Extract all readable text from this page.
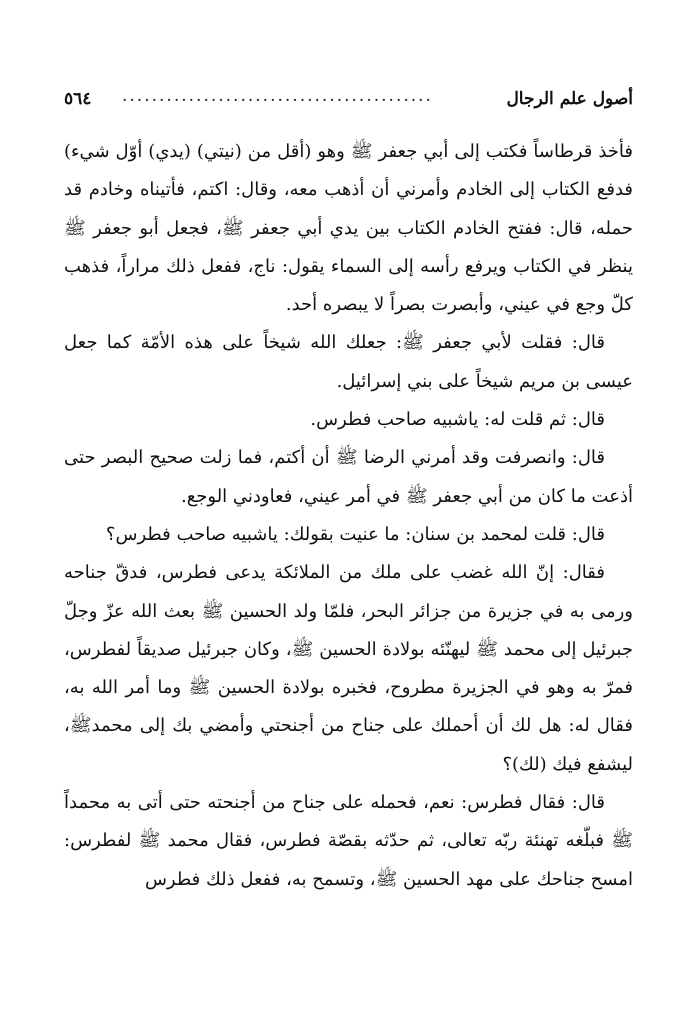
٥٦٤ ..........................................	أصول علم الرجال

فأخذ قرطاساً فكتب إلى أبي جعفر ﷺ وهو (أقل من (نيتي) (يدي) أوّل شيء) فدفع الكتاب إلى الخادم وأمرني أن أذهب معه، وقال: اكتم، فأتيناه وخادم قد حمله، قال: ففتح الخادم الكتاب بين يدي أبي جعفر ﷺ، فجعل أبو جعفر ﷺ ينظر في الكتاب ويرفع رأسه إلى السماء يقول: ناج، ففعل ذلك مراراً، فذهب كلّ وجع في عيني، وأبصرت بصراً لا يبصره أحد.

قال: فقلت لأبي جعفر ﷺ: جعلك الله شيخاً على هذه الأمّة كما جعل عيسى بن مريم شيخاً على بني إسرائيل.

قال: ثم قلت له: ياشبيه صاحب فطرس.

قال: وانصرفت وقد أمرني الرضا ﷺ أن أكتم، فما زلت صحيح البصر حتى أذعت ما كان من أبي جعفر ﷺ في أمر عيني، فعاودني الوجع.

قال: قلت لمحمد بن سنان: ما عنيت بقولك: ياشبيه صاحب فطرس؟

فقال: إنّ الله غضب على ملك من الملائكة يدعى فطرس، فدقّ جناحه ورمى به في جزيرة من جزائر البحر، فلمّا ولد الحسين ﷺ بعث الله عزّ وجلّ جبرئيل إلى محمد ﷺ ليهنّئه بولادة الحسين ﷺ، وكان جبرئيل صديقاً لفطرس، فمرّ به وهو في الجزيرة مطروح، فخبره بولادة الحسين ﷺ وما أمر الله به، فقال له: هل لك أن أحملك على جناح من أجنحتي وأمضي بك إلى محمدﷺ، ليشفع فيك (لك)؟

قال: فقال فطرس: نعم، فحمله على جناح من أجنحته حتى أتى به محمداً ﷺ فبلّغه تهنئة ربّه تعالى، ثم حدّثه بقصّة فطرس، فقال محمد ﷺ لفطرس: امسح جناحك على مهد الحسين ﷺ، وتسمح به، ففعل ذلك فطرس
